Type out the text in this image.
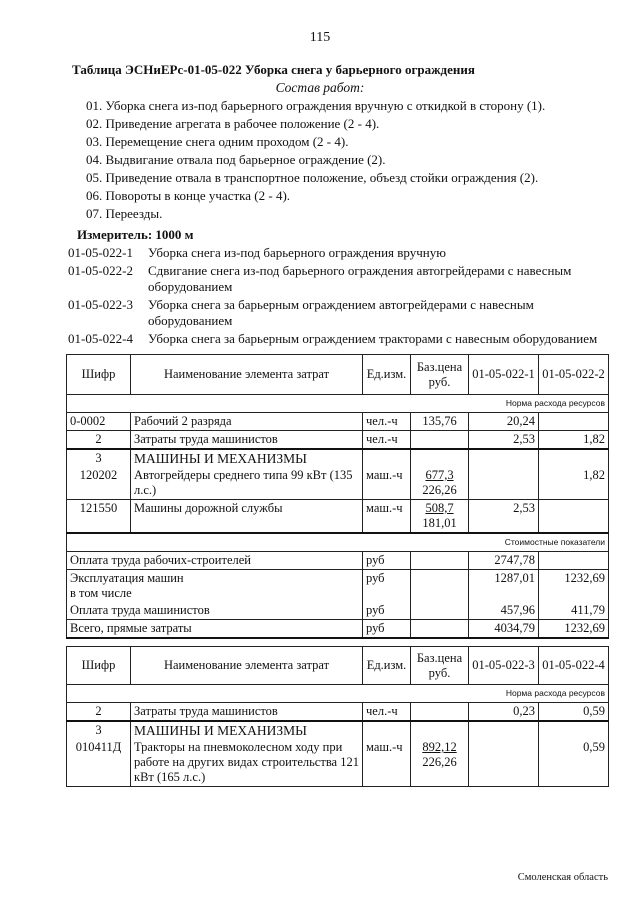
115
Таблица ЭСНиЕРс-01-05-022 Уборка снега у барьерного ограждения
Состав работ:
01. Уборка снега из-под барьерного ограждения вручную с откидкой в сторону (1).
02. Приведение агрегата в рабочее положение (2 - 4).
03. Перемещение снега одним проходом (2 - 4).
04. Выдвигание отвала под барьерное ограждение (2).
05. Приведение отвала в транспортное положение, объезд стойки ограждения (2).
06. Повороты в конце участка (2 - 4).
07. Переезды.
Измеритель: 1000 м
01-05-022-1	Уборка снега из-под барьерного ограждения вручную
01-05-022-2	Сдвигание снега из-под барьерного ограждения автогрейдерами с навесным оборудованием
01-05-022-3	Уборка снега за барьерным ограждением автогрейдерами с навесным оборудованием
01-05-022-4	Уборка снега за барьерным ограждением тракторами с навесным оборудованием
Шифр	Наименование элемента затрат	Ед.изм.	Баз.цена руб.	01-05-022-1	01-05-022-2
Норма расхода ресурсов					
0-0002	Рабочий 2 разряда	чел.-ч	135,76	20,24	
2	Затраты труда машинистов	чел.-ч		2,53	1,82
3	МАШИНЫ И МЕХАНИЗМЫ				
120202	Автогрейдеры среднего типа 99 кВт (135 л.с.)	маш.-ч	677,3
226,26		1,82
121550	Машины дорожной службы	маш.-ч	508,7
181,01	2,53	
Стоимостные показатели					
Оплата труда рабочих-строителей		руб		2747,78	

Эксплуатация машин
в том числе		руб		1287,01	1232,69
Оплата труда машинистов		руб		457,96	411,79
Всего, прямые затраты		руб		4034,79	1232,69
Шифр	Наименование элемента затрат	Ед.изм.	Баз.цена руб.	01-05-022-3	01-05-022-4
Норма расхода ресурсов					
2	Затраты труда машинистов	чел.-ч		0,23	0,59
3	МАШИНЫ И МЕХАНИЗМЫ				
010411Д	Тракторы на пневмоколесном ходу при работе на других видах строительства 121 кВт (165 л.с.)	маш.-ч	892,12
226,26		0,59
Смоленская область
